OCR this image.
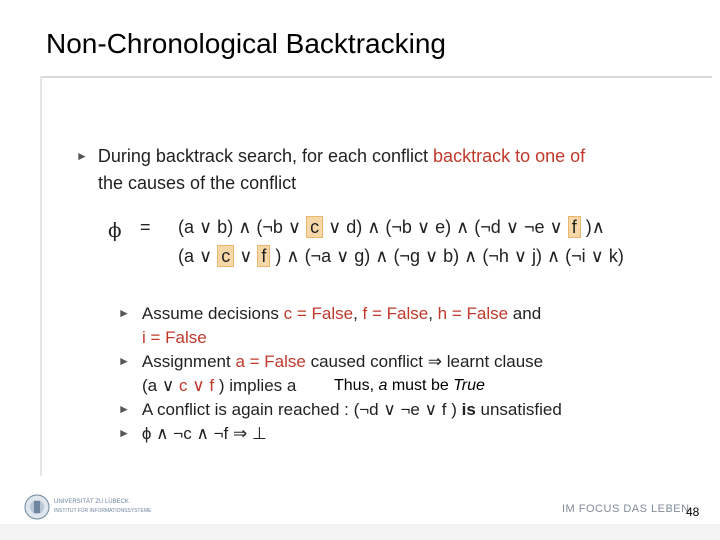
Non-Chronological Backtracking
► During backtrack search, for each conflict backtrack to one of
the causes of the conflict
ϕ = (a ∨ b) ∧ (¬b ∨ c ∨ d) ∧ (¬b ∨ e) ∧ (¬d ∨ ¬e ∨ f )∧
(a ∨ c ∨ f ) ∧ (¬a ∨ g) ∧ (¬g ∨ b) ∧ (¬h ∨ j) ∧ (¬i ∨ k)
► Assume decisions c = False, f = False, h = False and
i = False
► Assignment a = False caused conflict ⇒ learnt clause
(a ∨ c ∨ f ) implies a Thus, a must be True
► A conflict is again reached : (¬d ∨ ¬e ∨ f ) is unsatisfied
► ϕ ∧ ¬c ∧ ¬f ⇒ ⊥
UNIVERSITÄT ZU LÜBECK
INSTITUT FÜR INFORMATIONSSYSTEME	IM FOCUS DAS LEBEN
48
